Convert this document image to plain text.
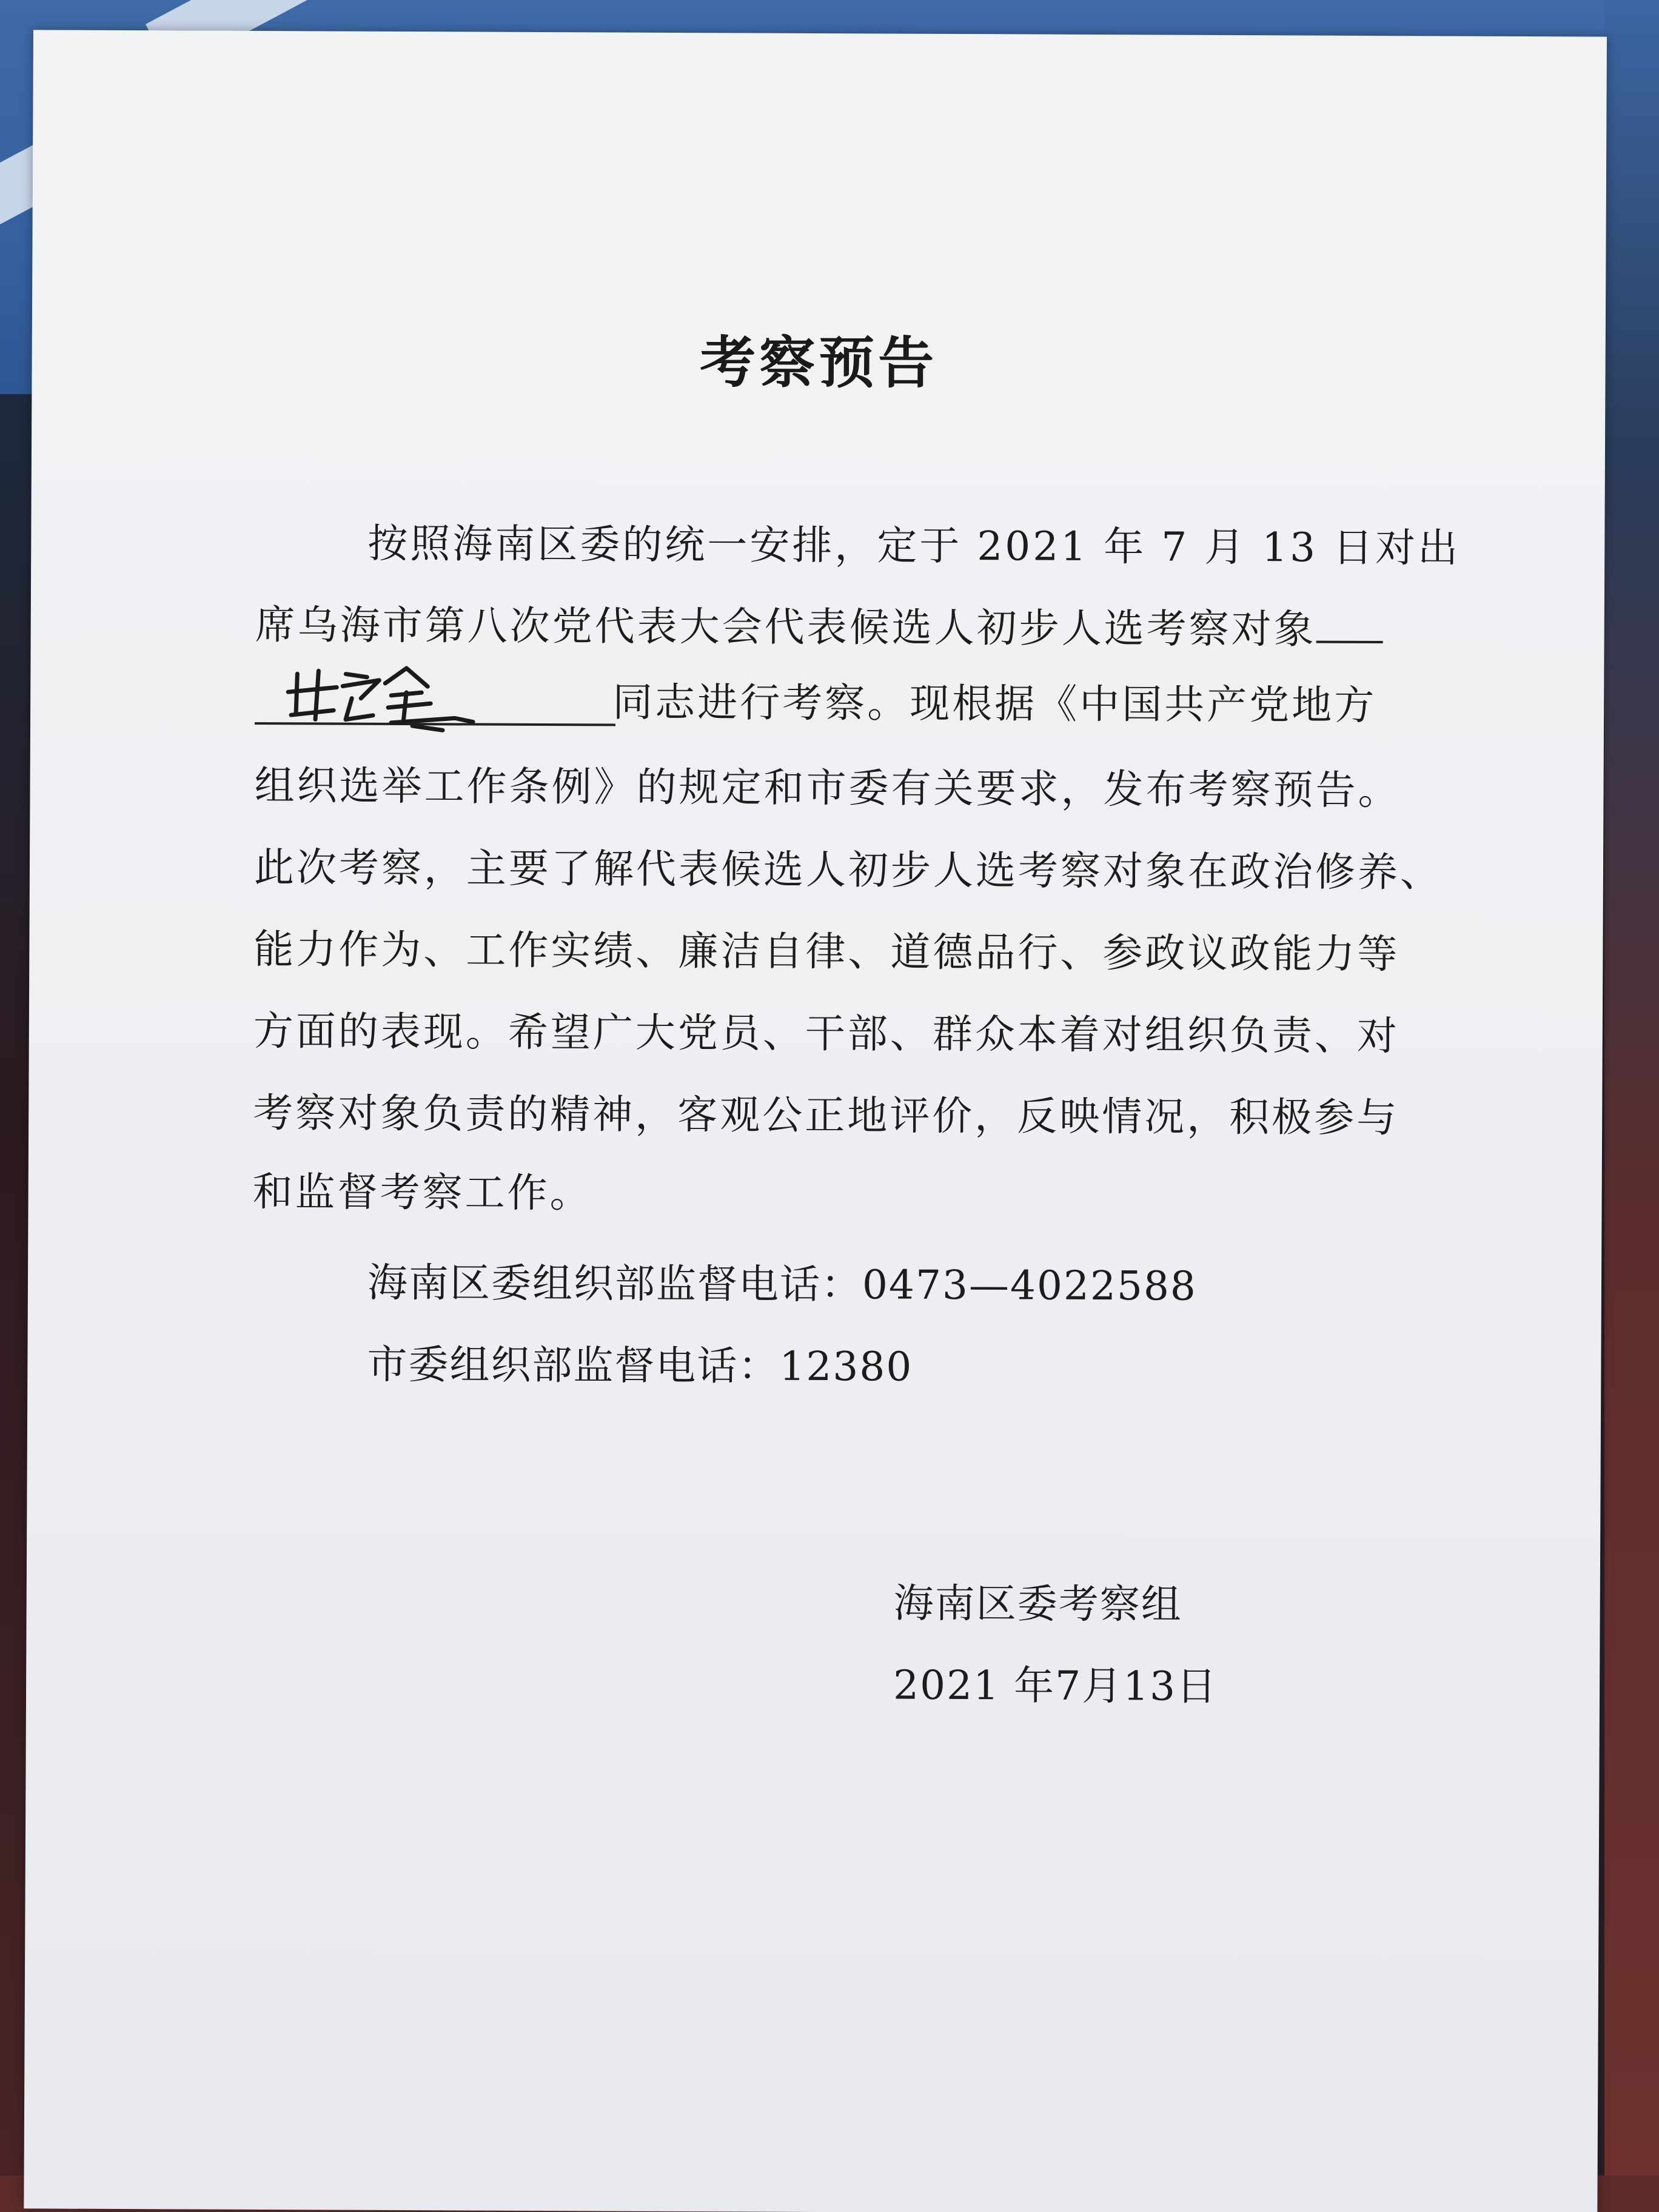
考察预告
按照海南区委的统一安排，定于 2021 年 7 月 13 日对出
席乌海市第八次党代表大会代表候选人初步人选考察对象
同志进行考察。现根据《中国共产党地方
组织选举工作条例》的规定和市委有关要求，发布考察预告。
此次考察，主要了解代表候选人初步人选考察对象在政治修养、
能力作为、工作实绩、廉洁自律、道德品行、参政议政能力等
方面的表现。希望广大党员、干部、群众本着对组织负责、对
考察对象负责的精神，客观公正地评价，反映情况，积极参与
和监督考察工作。
海南区委组织部监督电话：0473—4022588
市委组织部监督电话：12380
海南区委考察组
2021 年7月13日
